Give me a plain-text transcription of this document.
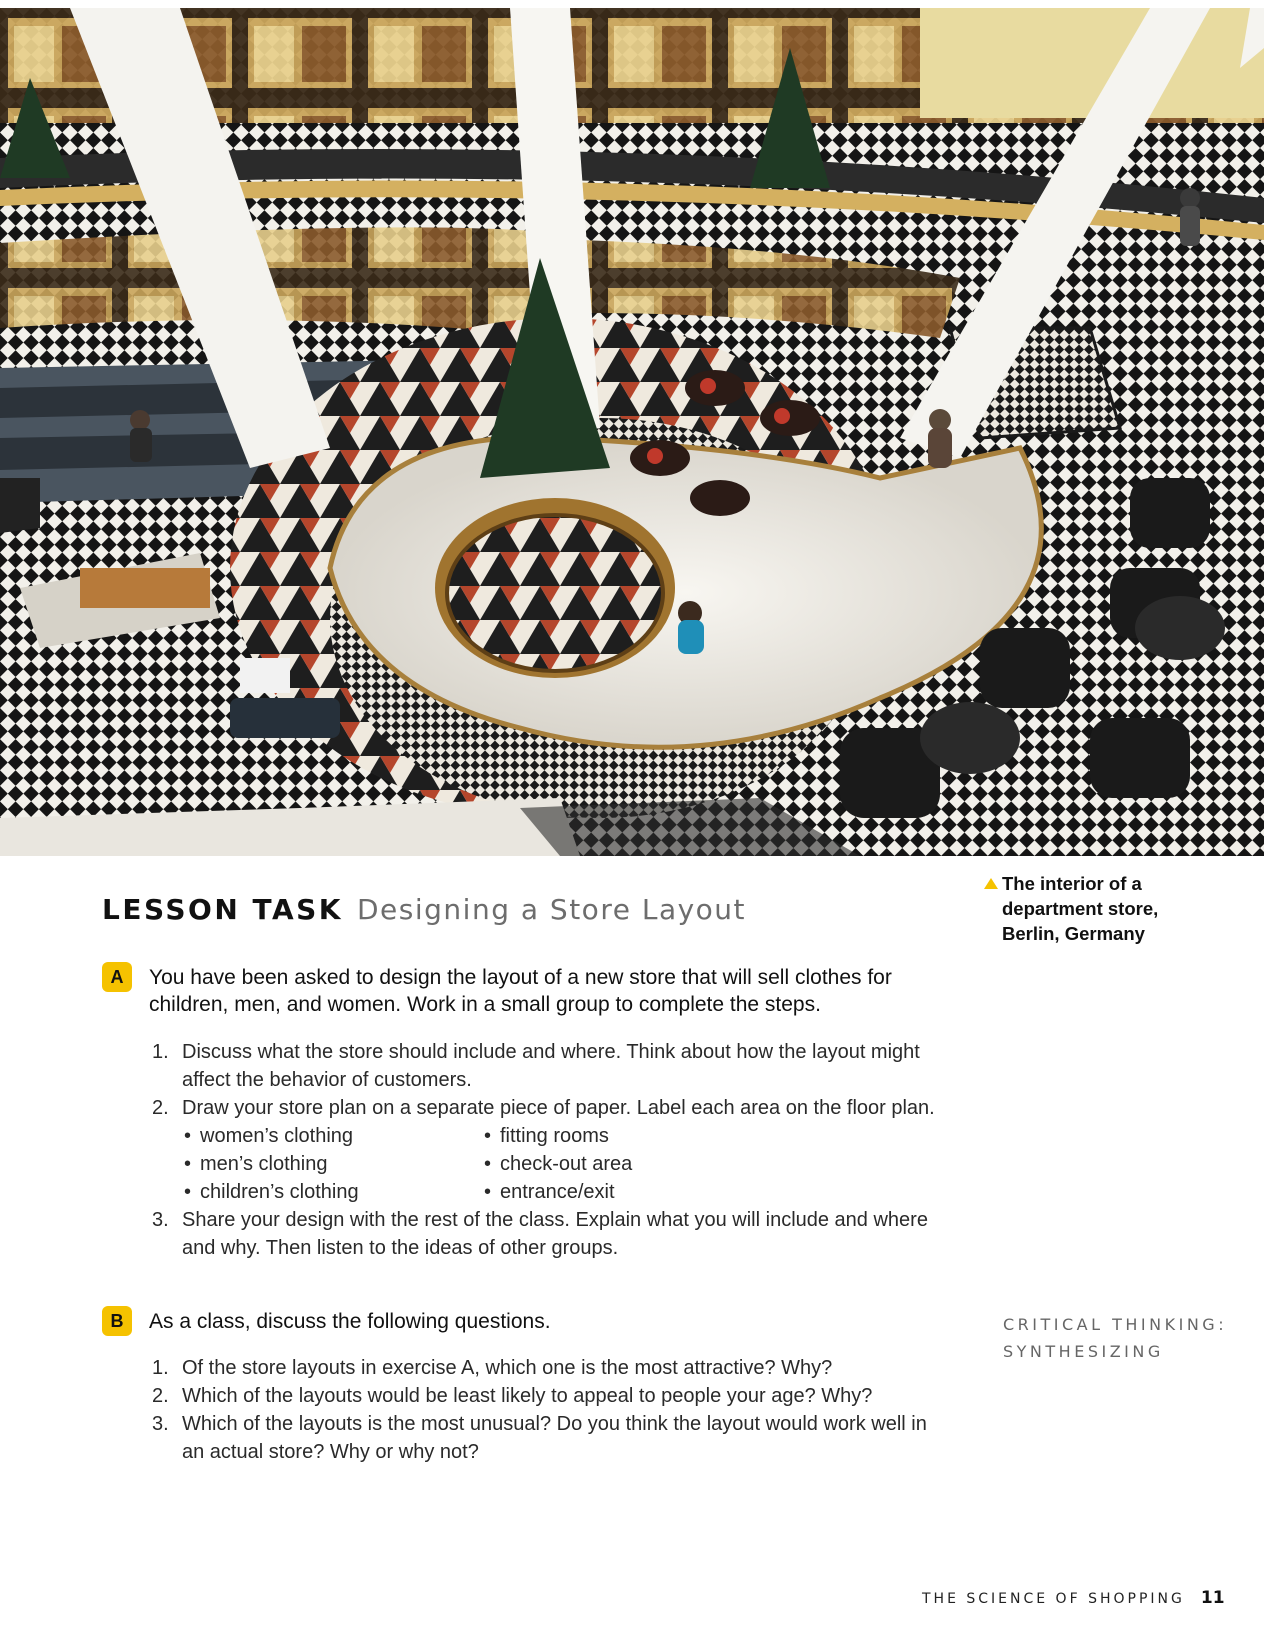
The interior of a
department store,
Berlin, Germany
LESSON TASK Designing a Store Layout
A	You have been asked to design the layout of a new store that will sell clothes for
children, men, and women. Work in a small group to complete the steps.
1. Discuss what the store should include and where. Think about how the layout might
affect the behavior of customers.
2. Draw your store plan on a separate piece of paper. Label each area on the floor plan.
• women’s clothing	• fitting rooms
• men’s clothing	• check-out area
• children’s clothing	• entrance/exit
3. Share your design with the rest of the class. Explain what you will include and where
and why. Then listen to the ideas of other groups.
B	As a class, discuss the following questions.
1. Of the store layouts in exercise A, which one is the most attractive? Why?
2. Which of the layouts would be least likely to appeal to people your age? Why?
3. Which of the layouts is the most unusual? Do you think the layout would work well in
an actual store? Why or why not?
CRITICAL THINKING:
SYNTHESIZING
THE SCIENCE OF SHOPPING 11
